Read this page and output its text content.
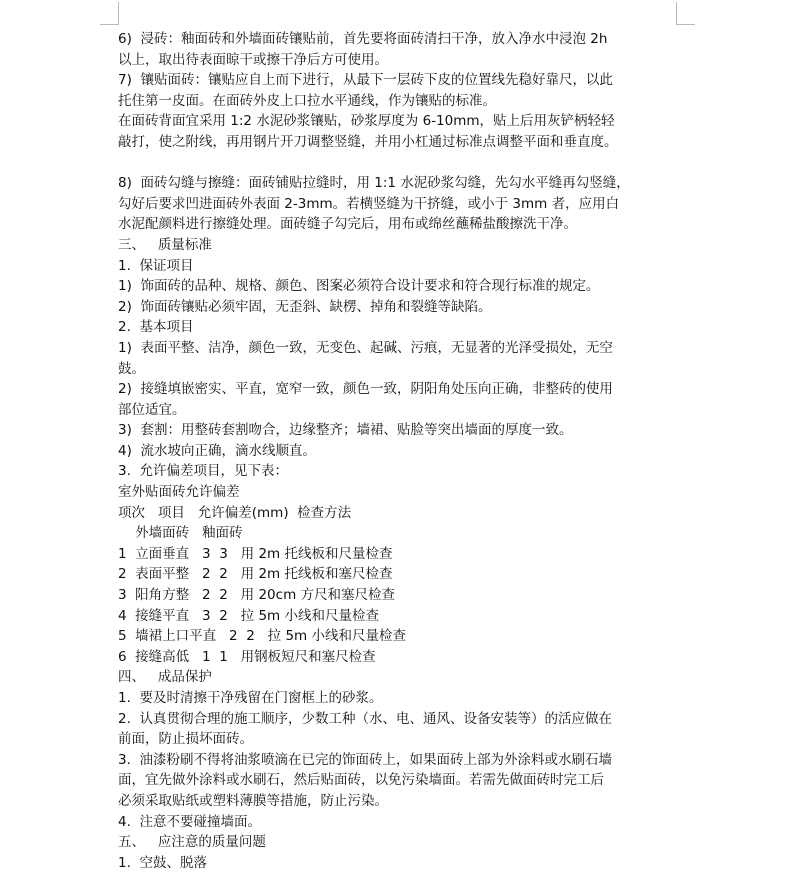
6)  浸砖：釉面砖和外墙面砖镶贴前，首先要将面砖清扫干净，放入净水中浸泡 2h
以上，取出待表面晾干或擦干净后方可使用。
7)  镶贴面砖：镶贴应自上而下进行，从最下一层砖下皮的位置线先稳好靠尺，以此
托住第一皮面。在面砖外皮上口拉水平通线，作为镶贴的标准。
在面砖背面宜采用 1:2 水泥砂浆镶贴，砂浆厚度为 6-10mm，贴上后用灰铲柄轻轻
敲打，使之附线，再用钢片开刀调整竖缝，并用小杠通过标准点调整平面和垂直度。
8)  面砖勾缝与擦缝：面砖铺贴拉缝时，用 1:1 水泥砂浆勾缝，先勾水平缝再勾竖缝，
勾好后要求凹进面砖外表面 2-3mm。若横竖缝为干挤缝，或小于 3mm 者，应用白
水泥配颜料进行擦缝处理。面砖缝子勾完后，用布或绵丝蘸稀盐酸擦洗干净。
三、   质量标准
1.  保证项目
1)  饰面砖的品种、规格、颜色、图案必须符合设计要求和符合现行标准的规定。
2)  饰面砖镶贴必须牢固，无歪斜、缺楞、掉角和裂缝等缺陷。
2.  基本项目
1)  表面平整、洁净，颜色一致，无变色、起碱、污痕，无显著的光泽受损处，无空
鼓。
2)  接缝填嵌密实、平直，宽窄一致，颜色一致，阴阳角处压向正确，非整砖的使用
部位适宜。
3)  套割：用整砖套割吻合，边缘整齐；墙裙、贴脸等突出墙面的厚度一致。
4)  流水坡向正确，滴水线顺直。
3.  允许偏差项目，见下表：
室外贴面砖允许偏差
项次   项目   允许偏差(mm)  检查方法
外墙面砖   釉面砖
1  立面垂直   3  3   用 2m 托线板和尺量检查
2  表面平整   2  2   用 2m 托线板和塞尺检查
3  阳角方整   2  2   用 20cm 方尺和塞尺检查
4  接缝平直   3  2   拉 5m 小线和尺量检查
5  墙裙上口平直   2  2   拉 5m 小线和尺量检查
6  接缝高低   1  1   用钢板短尺和塞尺检查
四、   成品保护
1.  要及时清擦干净残留在门窗框上的砂浆。
2.  认真贯彻合理的施工顺序，少数工种（水、电、通风、设备安装等）的活应做在
前面，防止损坏面砖。
3.  油漆粉刷不得将油浆喷滴在已完的饰面砖上，如果面砖上部为外涂料或水刷石墙
面，宜先做外涂料或水刷石，然后贴面砖，以免污染墙面。若需先做面砖时完工后
必须采取贴纸或塑料薄膜等措施，防止污染。
4.  注意不要碰撞墙面。
五、   应注意的质量问题
1.  空鼓、脱落
